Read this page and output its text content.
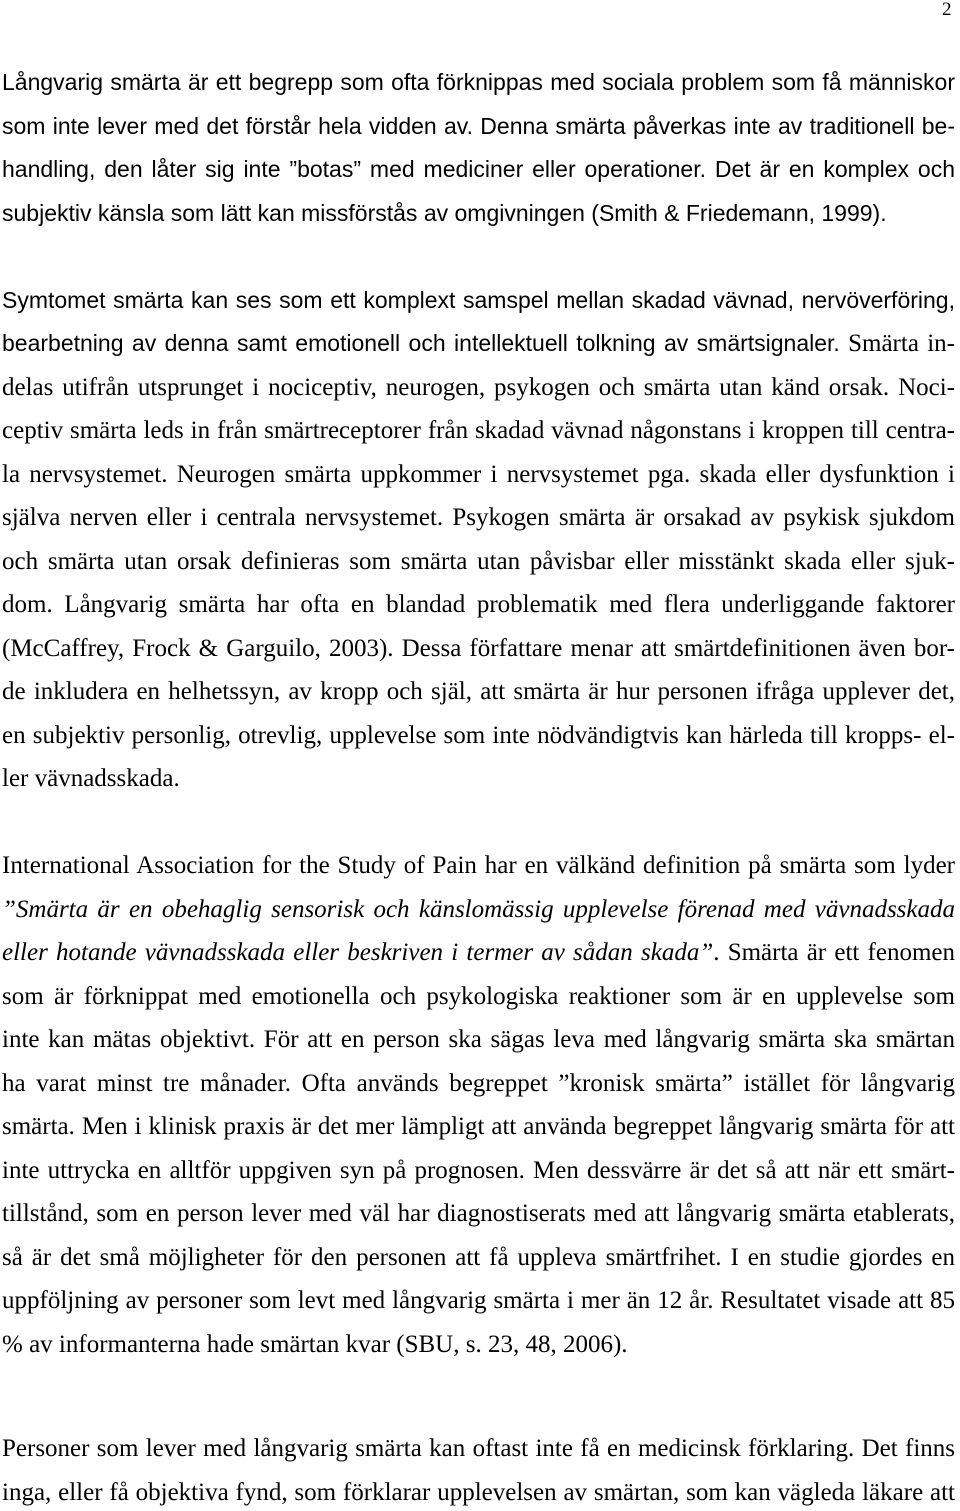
2
Långvarig smärta är ett begrepp som ofta förknippas med sociala problem som få människor
som inte lever med det förstår hela vidden av. Denna smärta påverkas inte av traditionell be-
handling, den låter sig inte ”botas” med mediciner eller operationer. Det är en komplex och
subjektiv känsla som lätt kan missförstås av omgivningen (Smith & Friedemann, 1999).
Symtomet smärta kan ses som ett komplext samspel mellan skadad vävnad, nervöverföring,
bearbetning av denna samt emotionell och intellektuell tolkning av smärtsignaler. Smärta in-
delas utifrån utsprunget i nociceptiv, neurogen, psykogen och smärta utan känd orsak. Noci-
ceptiv smärta leds in från smärtreceptorer från skadad vävnad någonstans i kroppen till centra-
la nervsystemet. Neurogen smärta uppkommer i nervsystemet pga. skada eller dysfunktion i
själva nerven eller i centrala nervsystemet. Psykogen smärta är orsakad av psykisk sjukdom
och smärta utan orsak definieras som smärta utan påvisbar eller misstänkt skada eller sjuk-
dom. Långvarig smärta har ofta en blandad problematik med flera underliggande faktorer
(McCaffrey, Frock & Garguilo, 2003). Dessa författare menar att smärtdefinitionen även bor-
de inkludera en helhetssyn, av kropp och själ, att smärta är hur personen ifråga upplever det,
en subjektiv personlig, otrevlig, upplevelse som inte nödvändigtvis kan härleda till kropps- el-
ler vävnadsskada.
International Association for the Study of Pain har en välkänd definition på smärta som lyder
”Smärta är en obehaglig sensorisk och känslomässig upplevelse förenad med vävnadsskada
eller hotande vävnadsskada eller beskriven i termer av sådan skada”. Smärta är ett fenomen
som är förknippat med emotionella och psykologiska reaktioner som är en upplevelse som
inte kan mätas objektivt. För att en person ska sägas leva med långvarig smärta ska smärtan
ha varat minst tre månader. Ofta används begreppet ”kronisk smärta” istället för långvarig
smärta. Men i klinisk praxis är det mer lämpligt att använda begreppet långvarig smärta för att
inte uttrycka en alltför uppgiven syn på prognosen. Men dessvärre är det så att när ett smärt-
tillstånd, som en person lever med väl har diagnostiserats med att långvarig smärta etablerats,
så är det små möjligheter för den personen att få uppleva smärtfrihet. I en studie gjordes en
uppföljning av personer som levt med långvarig smärta i mer än 12 år. Resultatet visade att 85
% av informanterna hade smärtan kvar (SBU, s. 23, 48, 2006).
Personer som lever med långvarig smärta kan oftast inte få en medicinsk förklaring. Det finns
inga, eller få objektiva fynd, som förklarar upplevelsen av smärtan, som kan vägleda läkare att
